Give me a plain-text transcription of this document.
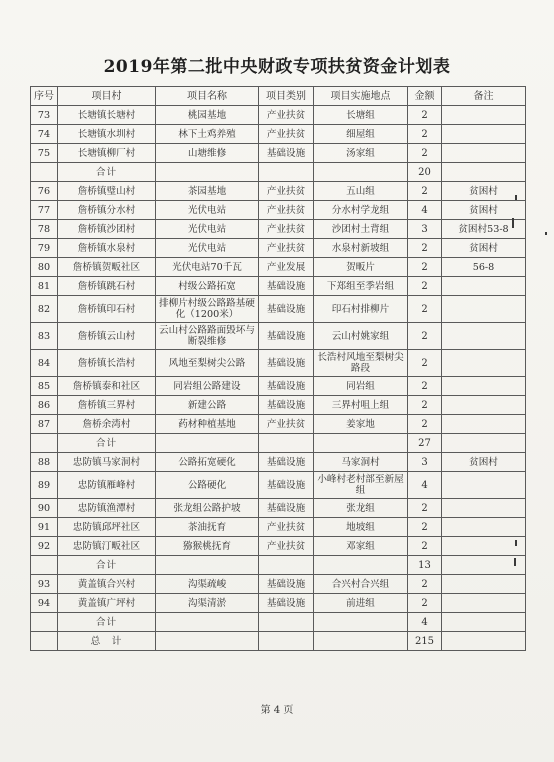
2019年第二批中央财政专项扶贫资金计划表
序号	项目村	项目名称	项目类别	项目实施地点	金额	备注
73	长塘镇长塘村	桃园基地	产业扶贫	长塘组	2	
74	长塘镇水圳村	林下土鸡养殖	产业扶贫	细屋组	2	
75	长塘镇柳厂村	山塘维修	基础设施	汤家组	2	
	合计				20	
76	詹桥镇璧山村	茶园基地	产业扶贫	五山组	2	贫困村
77	詹桥镇分水村	光伏电站	产业扶贫	分水村学龙组	4	贫困村
78	詹桥镇沙团村	光伏电站	产业扶贫	沙团村土背组	3	贫困村53-8
79	詹桥镇水泉村	光伏电站	产业扶贫	水泉村新坡组	2	贫困村
80	詹桥镇贺畈社区	光伏电站70千瓦	产业发展	贺畈片	2	56-8
81	詹桥镇跳石村	村级公路拓宽	基础设施	下郑组至季岩组	2	
82	詹桥镇印石村	排柳片村级公路路基硬化（1200米）	基础设施	印石村排柳片	2	
83	詹桥镇云山村	云山村公路路面毁坏与断裂维修	基础设施	云山村姚家组	2	
84	詹桥镇长浩村	风地至梨树尖公路	基础设施	长浩村风地至梨树尖路段	2	
85	詹桥镇泰和社区	同岩组公路建设	基础设施	同岩组	2	
86	詹桥镇三界村	新建公路	基础设施	三界村咀上组	2	
87	詹桥余湾村	药材种植基地	产业扶贫	姜家地	2	
	合计				27	
88	忠防镇马家洞村	公路拓宽硬化	基础设施	马家洞村	3	贫困村
89	忠防镇雁峰村	公路硬化	基础设施	小峰村老村部至新屋组	4	
90	忠防镇渔潭村	张龙组公路护坡	基础设施	张龙组	2	
91	忠防镇邱坪社区	茶油抚育	产业扶贫	地坡组	2	
92	忠防镇汀畈社区	猕猴桃抚育	产业扶贫	邓家组	2	
	合计				13	
93	黄盖镇合兴村	沟渠疏峻	基础设施	合兴村合兴组	2	
94	黄盖镇广坪村	沟渠清淤	基础设施	前进组	2	
	合计				4	
	总　计				215	
第 4 页
